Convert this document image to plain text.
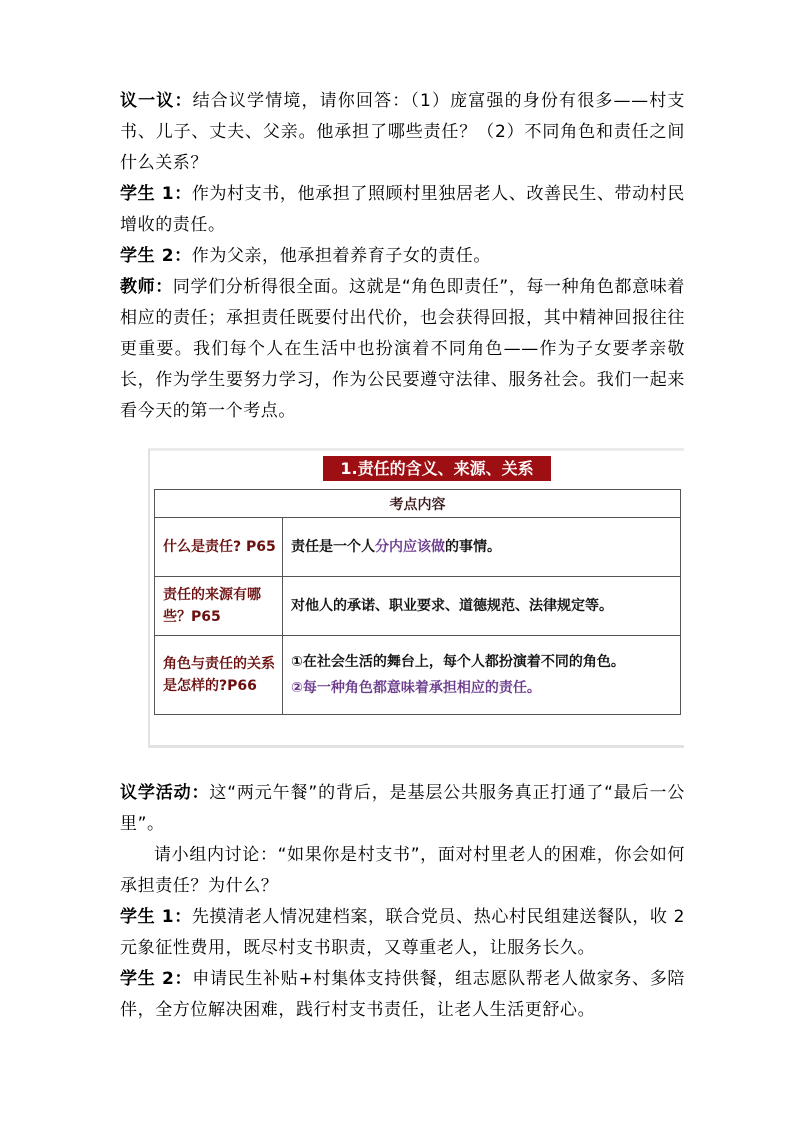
议一议：结合议学情境，请你回答：（1）庞富强的身份有很多——村支书、儿子、丈夫、父亲。他承担了哪些责任？（2）不同角色和责任之间什么关系？

学生 1：作为村支书，他承担了照顾村里独居老人、改善民生、带动村民增收的责任。

学生 2：作为父亲，他承担着养育子女的责任。

教师：同学们分析得很全面。这就是“角色即责任”，每一种角色都意味着相应的责任；承担责任既要付出代价，也会获得回报，其中精神回报往往更重要。我们每个人在生活中也扮演着不同角色——作为子女要孝亲敬长，作为学生要努力学习，作为公民要遵守法律、服务社会。我们一起来看今天的第一个考点。

1.责任的含义、来源、关系
考点内容	
什么是责任? P65	责任是一个人分内应该做的事情。
责任的来源有哪些？P65	对他人的承诺、职业要求、道德规范、法律规定等。
角色与责任的关系是怎样的?P66	①在社会生活的舞台上，每个人都扮演着不同的角色。
②每一种角色都意味着承担相应的责任。

议学活动：这“两元午餐”的背后，是基层公共服务真正打通了“最后一公里”。

请小组内讨论：“如果你是村支书”，面对村里老人的困难，你会如何承担责任？为什么？

学生 1：先摸清老人情况建档案，联合党员、热心村民组建送餐队，收 2 元象征性费用，既尽村支书职责，又尊重老人，让服务长久。

学生 2：申请民生补贴+村集体支持供餐，组志愿队帮老人做家务、多陪伴，全方位解决困难，践行村支书责任，让老人生活更舒心。
